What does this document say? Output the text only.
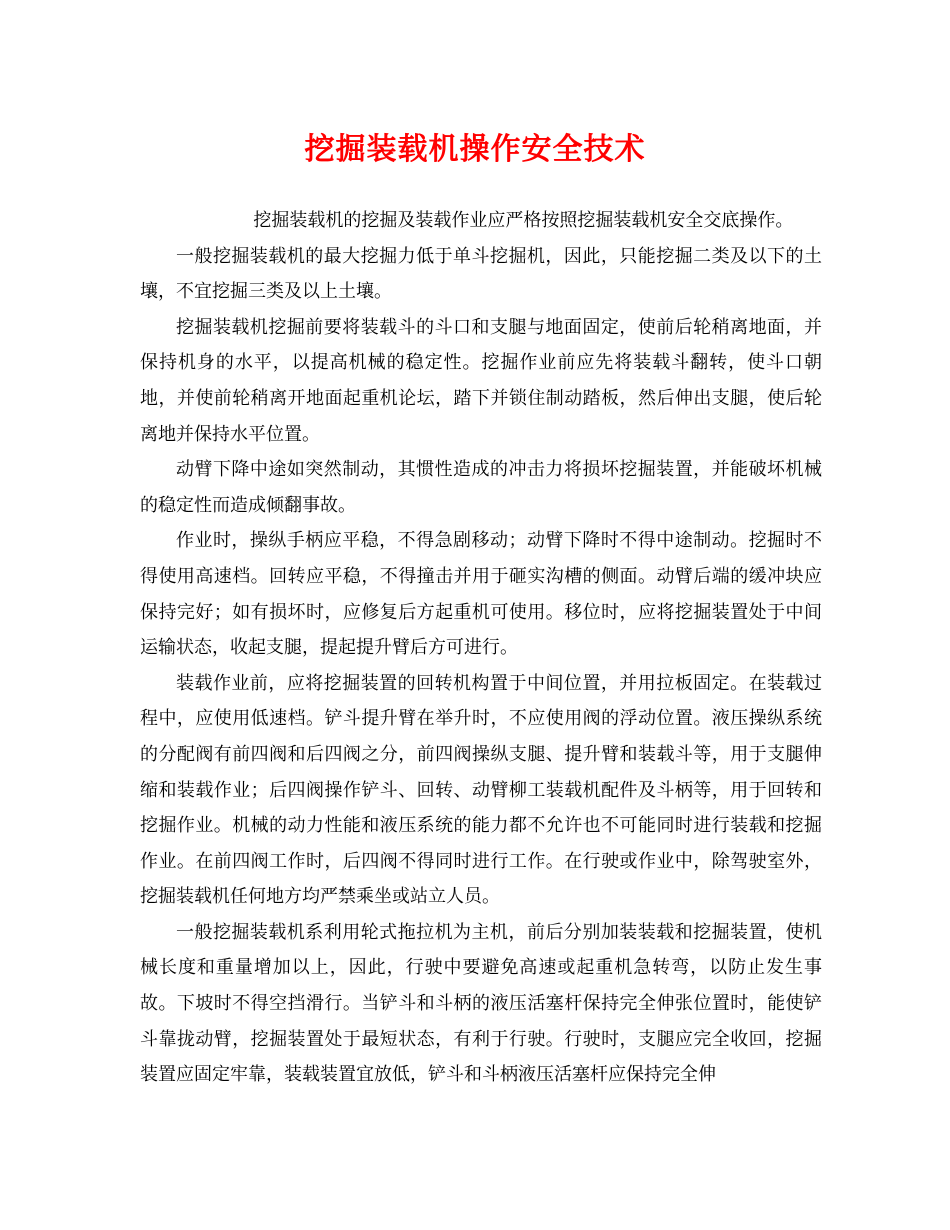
挖掘装载机操作安全技术

挖掘装载机的挖掘及装载作业应严格按照挖掘装载机安全交底操作。

一般挖掘装载机的最大挖掘力低于单斗挖掘机，因此，只能挖掘二类及以下的土壤，不宜挖掘三类及以上土壤。

挖掘装载机挖掘前要将装载斗的斗口和支腿与地面固定，使前后轮稍离地面，并保持机身的水平，以提高机械的稳定性。挖掘作业前应先将装载斗翻转，使斗口朝地，并使前轮稍离开地面起重机论坛，踏下并锁住制动踏板，然后伸出支腿，使后轮离地并保持水平位置。

动臂下降中途如突然制动，其惯性造成的冲击力将损坏挖掘装置，并能破坏机械的稳定性而造成倾翻事故。

作业时，操纵手柄应平稳，不得急剧移动；动臂下降时不得中途制动。挖掘时不得使用高速档。回转应平稳，不得撞击并用于砸实沟槽的侧面。动臂后端的缓冲块应保持完好；如有损坏时，应修复后方起重机可使用。移位时，应将挖掘装置处于中间运输状态，收起支腿，提起提升臂后方可进行。

装载作业前，应将挖掘装置的回转机构置于中间位置，并用拉板固定。在装载过程中，应使用低速档。铲斗提升臂在举升时，不应使用阀的浮动位置。液压操纵系统的分配阀有前四阀和后四阀之分，前四阀操纵支腿、提升臂和装载斗等，用于支腿伸缩和装载作业；后四阀操作铲斗、回转、动臂柳工装载机配件及斗柄等，用于回转和挖掘作业。机械的动力性能和液压系统的能力都不允许也不可能同时进行装载和挖掘作业。在前四阀工作时，后四阀不得同时进行工作。在行驶或作业中，除驾驶室外，挖掘装载机任何地方均严禁乘坐或站立人员。

一般挖掘装载机系利用轮式拖拉机为主机，前后分别加装装载和挖掘装置，使机械长度和重量增加以上，因此，行驶中要避免高速或起重机急转弯，以防止发生事故。下坡时不得空挡滑行。当铲斗和斗柄的液压活塞杆保持完全伸张位置时，能使铲斗靠拢动臂，挖掘装置处于最短状态，有利于行驶。行驶时，支腿应完全收回，挖掘装置应固定牢靠，装载装置宜放低，铲斗和斗柄液压活塞杆应保持完全伸
